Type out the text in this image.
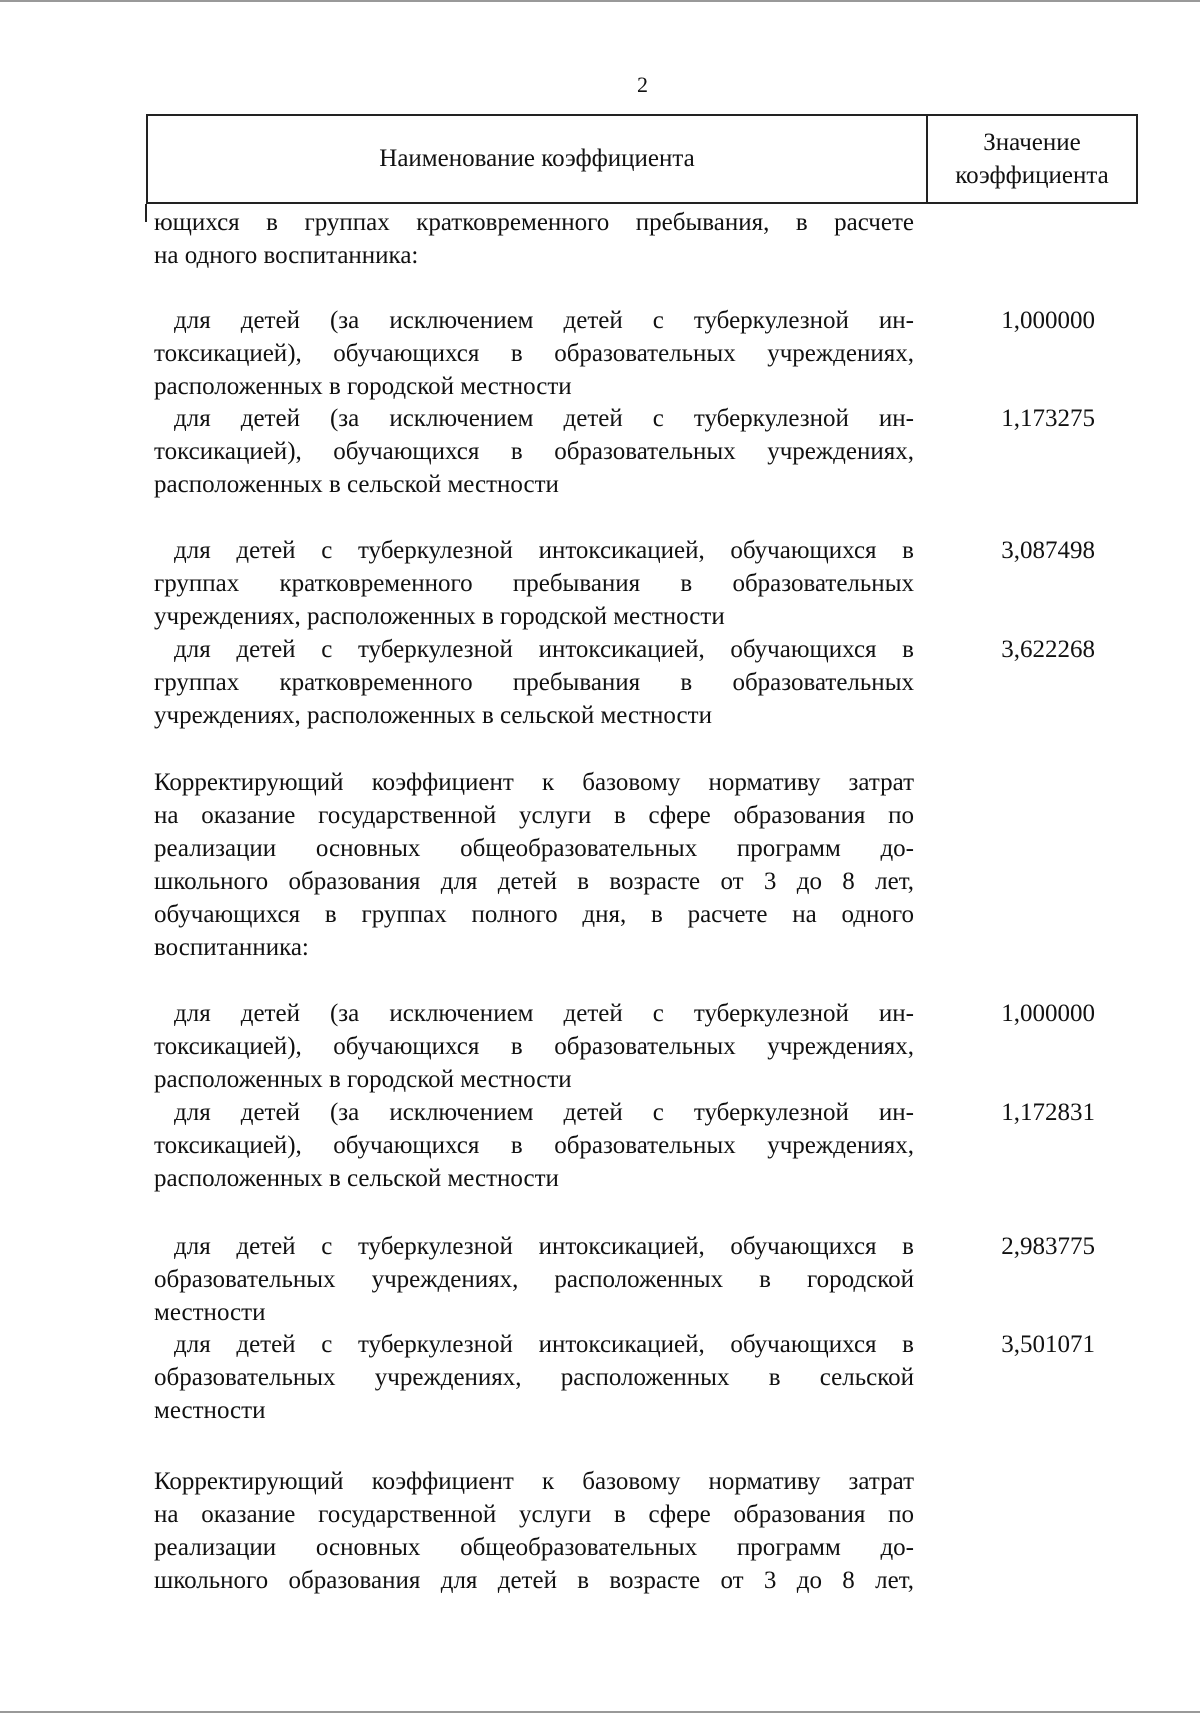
2
Наименование коэффициента
Значение
коэффициента
ющихся в группах кратковременного пребывания, в расчете
на одного воспитанника:
для детей (за исключением детей с туберкулезной ин-
токсикацией), обучающихся в образовательных учреждениях,
расположенных в городской местности
1,000000
для детей (за исключением детей с туберкулезной ин-
токсикацией), обучающихся в образовательных учреждениях,
расположенных в сельской местности
1,173275
для детей с туберкулезной интоксикацией, обучающихся в
группах кратковременного пребывания в образовательных
учреждениях, расположенных в городской местности
3,087498
для детей с туберкулезной интоксикацией, обучающихся в
группах кратковременного пребывания в образовательных
учреждениях, расположенных в сельской местности
3,622268
Корректирующий коэффициент к базовому нормативу затрат
на оказание государственной услуги в сфере образования по
реализации основных общеобразовательных программ до-
школьного образования для детей в возрасте от 3 до 8 лет,
обучающихся в группах полного дня, в расчете на одного
воспитанника:
для детей (за исключением детей с туберкулезной ин-
токсикацией), обучающихся в образовательных учреждениях,
расположенных в городской местности
1,000000
для детей (за исключением детей с туберкулезной ин-
токсикацией), обучающихся в образовательных учреждениях,
расположенных в сельской местности
1,172831
для детей с туберкулезной интоксикацией, обучающихся в
образовательных учреждениях, расположенных в городской
местности
2,983775
для детей с туберкулезной интоксикацией, обучающихся в
образовательных учреждениях, расположенных в сельской
местности
3,501071
Корректирующий коэффициент к базовому нормативу затрат
на оказание государственной услуги в сфере образования по
реализации основных общеобразовательных программ до-
школьного образования для детей в возрасте от 3 до 8 лет,
